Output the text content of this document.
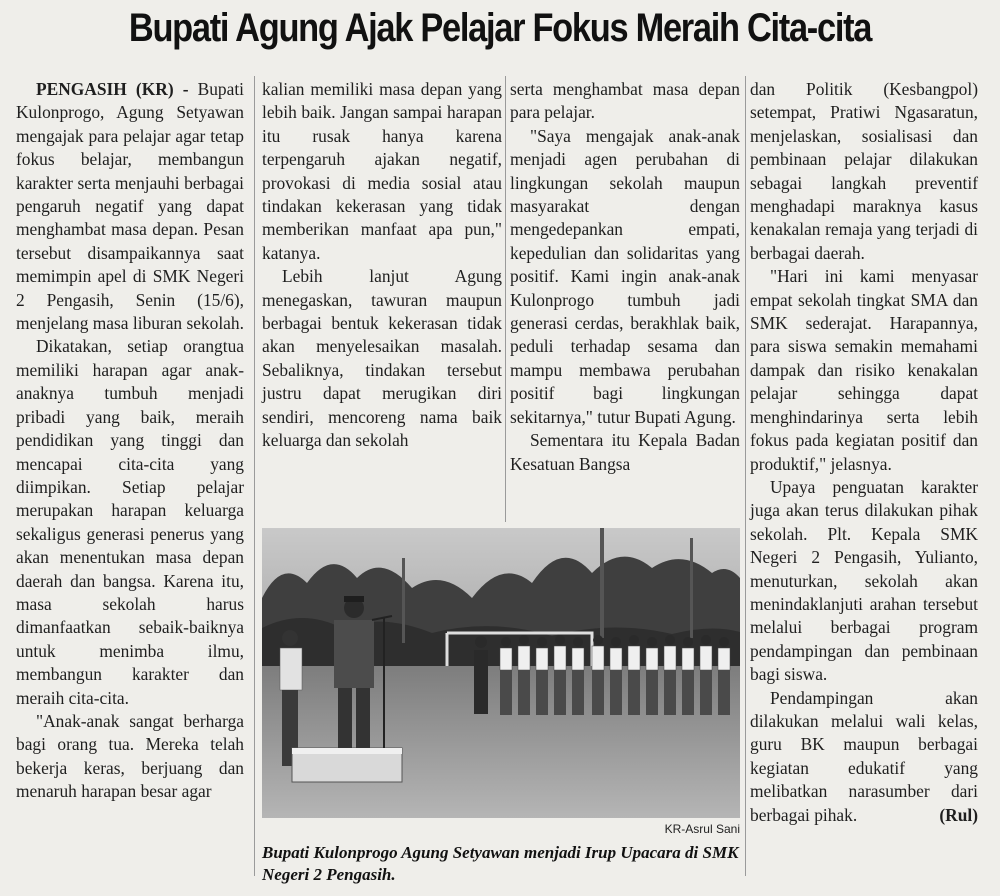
Bupati Agung Ajak Pelajar Fokus Meraih Cita-cita

PENGASIH (KR) - Bupati Kulonprogo, Agung Setyawan mengajak para pelajar agar tetap fokus belajar, membangun karakter serta menjauhi berbagai pengaruh negatif yang dapat menghambat masa depan. Pesan tersebut disampaikannya saat memimpin apel di SMK Negeri 2 Pengasih, Senin (15/6), menjelang masa liburan sekolah.

Dikatakan, setiap orangtua memiliki harapan agar anak-anaknya tumbuh menjadi pribadi yang baik, meraih pendidikan yang tinggi dan mencapai cita-cita yang diimpikan. Setiap pelajar merupakan harapan keluarga sekaligus generasi penerus yang akan menentukan masa depan daerah dan bangsa. Karena itu, masa sekolah harus dimanfaatkan sebaik-baiknya untuk menimba ilmu, membangun karakter dan meraih cita-cita.

"Anak-anak sangat berharga bagi orang tua. Mereka telah bekerja keras, berjuang dan menaruh harapan besar agar

kalian memiliki masa depan yang lebih baik. Jangan sampai harapan itu rusak hanya karena terpengaruh ajakan negatif, provokasi di media sosial atau tindakan kekerasan yang tidak memberikan manfaat apa pun," katanya.

Lebih lanjut Agung menegaskan, tawuran maupun berbagai bentuk kekerasan tidak akan menyelesaikan masalah. Sebaliknya, tindakan tersebut justru dapat merugikan diri sendiri, mencoreng nama baik keluarga dan sekolah

serta menghambat masa depan para pelajar.

"Saya mengajak anak-anak menjadi agen perubahan di lingkungan sekolah maupun masyarakat dengan mengedepankan empati, kepedulian dan solidaritas yang positif. Kami ingin anak-anak Kulonprogo tumbuh jadi generasi cerdas, berakhlak baik, peduli terhadap sesama dan mampu membawa perubahan positif bagi lingkungan sekitarnya," tutur Bupati Agung.

Sementara itu Kepala Badan Kesatuan Bangsa

dan Politik (Kesbangpol) setempat, Pratiwi Ngasaratun, menjelaskan, sosialisasi dan pembinaan pelajar dilakukan sebagai langkah preventif menghadapi maraknya kasus kenakalan remaja yang terjadi di berbagai daerah.

"Hari ini kami menyasar empat sekolah tingkat SMA dan SMK sederajat. Harapannya, para siswa semakin memahami dampak dan risiko kenakalan pelajar sehingga dapat menghindarinya serta lebih fokus pada kegiatan positif dan produktif," jelasnya.

Upaya penguatan karakter juga akan terus dilakukan pihak sekolah. Plt. Kepala SMK Negeri 2 Pengasih, Yulianto, menuturkan, sekolah akan menindaklanjuti arahan tersebut melalui berbagai program pendampingan dan pembinaan bagi siswa.

Pendampingan akan dilakukan melalui wali kelas, guru BK maupun berbagai kegiatan edukatif yang melibatkan narasumber dari berbagai pihak.	(Rul)

KR-Asrul Sani
Bupati Kulonprogo Agung Setyawan menjadi Irup Upacara di SMK Negeri 2 Pengasih.
